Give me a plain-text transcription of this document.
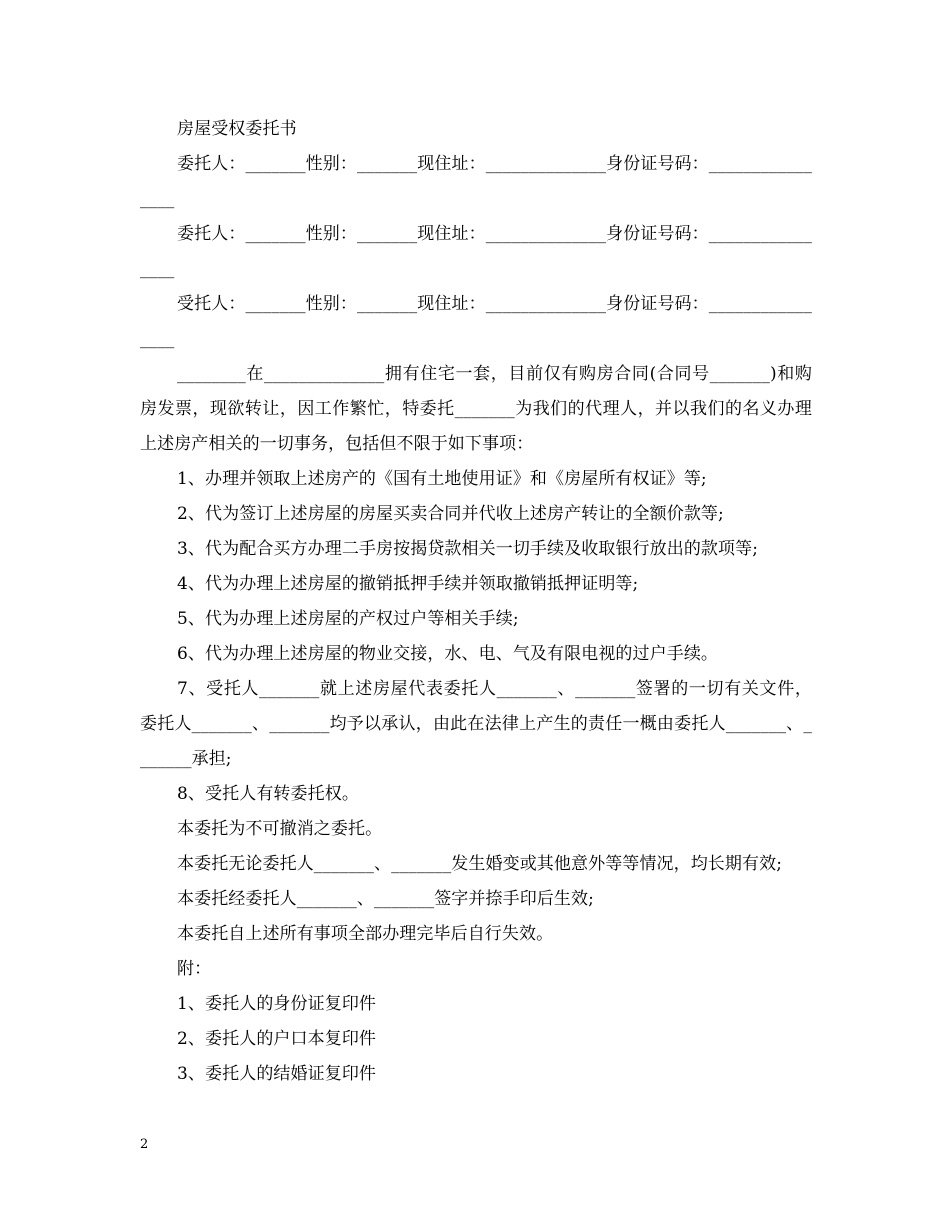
房屋受权委托书

委托人：_______性别：_______现住址：______________身份证号码：________________

委托人：_______性别：_______现住址：______________身份证号码：________________

受托人：_______性别：_______现住址：______________身份证号码：________________

________在______________拥有住宅一套，目前仅有购房合同(合同号_______)和购房发票，现欲转让，因工作繁忙，特委托_______为我们的代理人，并以我们的名义办理上述房产相关的一切事务，包括但不限于如下事项：

1、办理并领取上述房产的《国有土地使用证》和《房屋所有权证》等;

2、代为签订上述房屋的房屋买卖合同并代收上述房产转让的全额价款等;

3、代为配合买方办理二手房按揭贷款相关一切手续及收取银行放出的款项等;

4、代为办理上述房屋的撤销抵押手续并领取撤销抵押证明等;

5、代为办理上述房屋的产权过户等相关手续;

6、代为办理上述房屋的物业交接，水、电、气及有限电视的过户手续。

7、受托人_______就上述房屋代表委托人_______、_______签署的一切有关文件，委托人_______、_______均予以承认，由此在法律上产生的责任一概由委托人_______、_______承担;

8、受托人有转委托权。

本委托为不可撤消之委托。

本委托无论委托人_______、_______发生婚变或其他意外等等情况，均长期有效;

本委托经委托人_______、_______签字并捺手印后生效;

本委托自上述所有事项全部办理完毕后自行失效。

附：

1、委托人的身份证复印件

2、委托人的户口本复印件

3、委托人的结婚证复印件

2
